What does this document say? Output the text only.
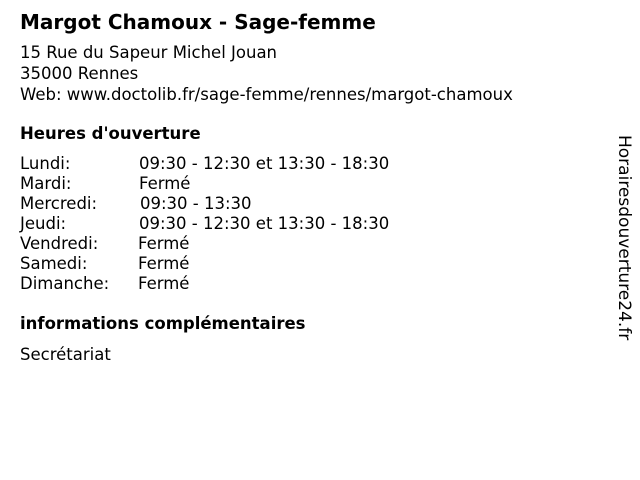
Margot Chamoux - Sage-femme
15 Rue du Sapeur Michel Jouan
35000 Rennes
Web: www.doctolib.fr/sage-femme/rennes/margot-chamoux
Heures d'ouverture
Lundi:	09:30 - 12:30 et 13:30 - 18:30
Mardi:	Fermé
Mercredi:	09:30 - 13:30
Jeudi:	09:30 - 12:30 et 13:30 - 18:30
Vendredi: Fermé
Samedi:	Fermé
Dimanche: Fermé
informations complémentaires
Secrétariat
Horairesdouverture24.fr
